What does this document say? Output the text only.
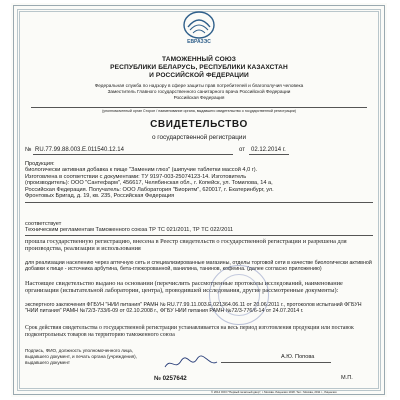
ЕВРАЗЭС
ТАМОЖЕННЫЙ СОЮЗ
РЕСПУБЛИКИ БЕЛАРУСЬ, РЕСПУБЛИКИ КАЗАХСТАН
И РОССИЙСКОЙ ФЕДЕРАЦИИ
Федеральная служба по надзору в сфере защиты прав потребителей и благополучия человека
Заместитель Главного государственного санитарного врача Российской Федерации
Российская Федерация
(уполномоченный орган Сторон / наименование органа, выдавшего свидетельство о государственной регистрации)
СВИДЕТЕЛЬСТВО
о государственной регистрации
№ RU.77.99.88.003.E.011540.12.14	от 02.12.2014 г.
Продукция:
биологически активная добавка к пище "Заменим глюз" (шипучие таблетки массой 4,0 г).
Изготовлена в соответствии с документами: ТУ 9197-003-25074123-14. Изготовитель
(производитель): ООО "Сантефарм", 456617, Челябинская обл., г. Копейск, ул. Томилова, 14 а,
Российская Федерация. Получатель: ООО Лаборатория "Биоритм", 620017, г. Екатеринбург, ул.
Фронтовых Бригад, д. 19, кв. 235, Российская Федерация
соответствует
Техническим регламентам Таможенного союза ТР ТС 021/2011, ТР ТС 022/2011
прошла государственную регистрацию, внесена в Реестр свидетельств о государственной регистрации и разрешена для производства, реализации и использования
для реализации населению через аптечную сеть и специализированные магазины, отделы торговой сети в качестве биологически активной добавки к пище - источника арбутина, бета-глюкорованной, ванилина, танинов, кофеина. (далее согласно приложению)
Настоящее свидетельство выдано на основании (перечислить рассмотренные протоколы исследований, наименование организации (испытательной лаборатории, центра), проводившей исследования, другие рассмотренные документы):
экспертного заключения ФГБУН "НИИ питания" РАМН № RU.77.99.11.003.E.021364.06.11 от 20.06.2011 г., протоколов испытаний ФГБУН "НИИ питания" РАМН №72/3-733/6-09 от 02.10.2008 г., ФГБУ НИИ питания РАМН №72/3-776/6-14 от 24.07.2014 г.
Срок действия свидетельства о государственной регистрации устанавливается на весь период изготовления продукции или поставок подконтрольных товаров на территорию таможенного союза
Подпись, ФИО, должность уполномоченного лица,
выдавшего документ, и печать органа (учреждения),
выдавшего документ
А.Ю. Попова
№ 0257642	М.П.
© 2014 ООО "Первый печатный двор", г. Москва. Лицензия 1018. Тел.: Москва, 2011 г., Лицензия
